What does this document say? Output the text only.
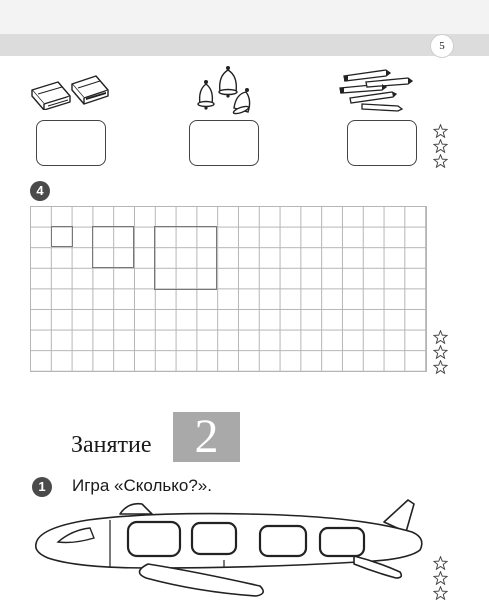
5
4
Занятие 2
1	Игра «Сколько?».
